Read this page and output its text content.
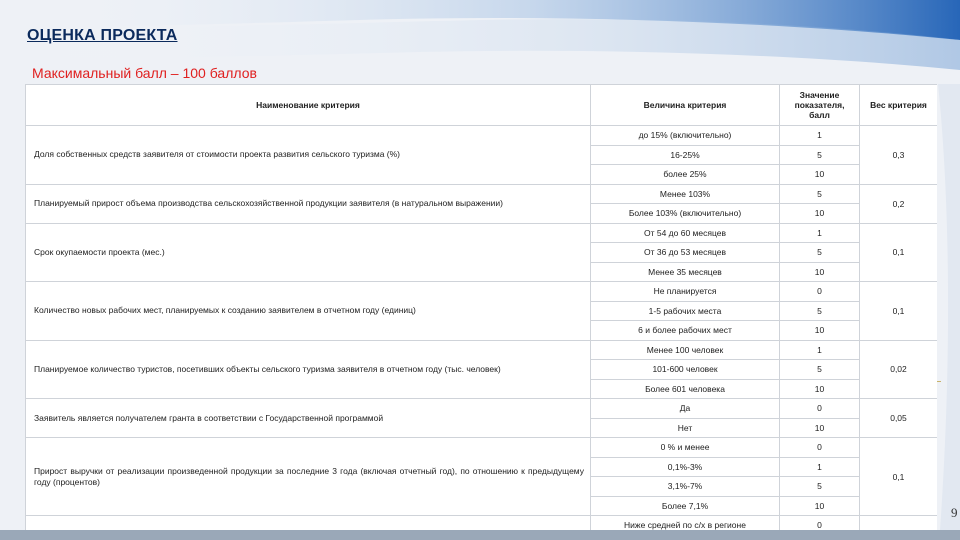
ОЦЕНКА ПРОЕКТА
Максимальный балл – 100 баллов
Наименование критерия	Величина критерия	Значение показателя, балл	Вес критерия
Доля собственных средств заявителя от стоимости проекта развития сельского туризма (%)	до 15% (включительно)	1	0,3
	16-25%	5	
	более 25%	10	
Планируемый прирост объема производства сельскохозяйственной продукции заявителя (в натуральном выражении)	Менее 103%	5	0,2
	Более 103% (включительно)	10	
Срок окупаемости проекта (мес.)	От 54 до 60 месяцев	1	0,1
	От 36 до 53 месяцев	5	
	Менее 35 месяцев	10	
Количество новых рабочих мест, планируемых к созданию заявителем в отчетном году (единиц)	Не планируется	0	0,1
	1-5 рабочих места	5	
	6 и более рабочих мест	10	
Планируемое количество туристов, посетивших объекты сельского туризма заявителя в отчетном году (тыс. человек)	Менее 100 человек	1	0,02
	101-600 человек	5	
	Более 601 человека	10	
Заявитель является получателем гранта в соответствии с Государственной программой	Да	0	0,05
	Нет	10	
Прирост выручки от реализации произведенной продукции за последние 3 года (включая отчетный год), по отношению к предыдущему году (процентов)	0 % и менее	0	0,1
	0,1%-3%	1	
	3,1%-7%	5	
	Более 7,1%	10	
	Ниже средней по с/х в регионе	0	
9
